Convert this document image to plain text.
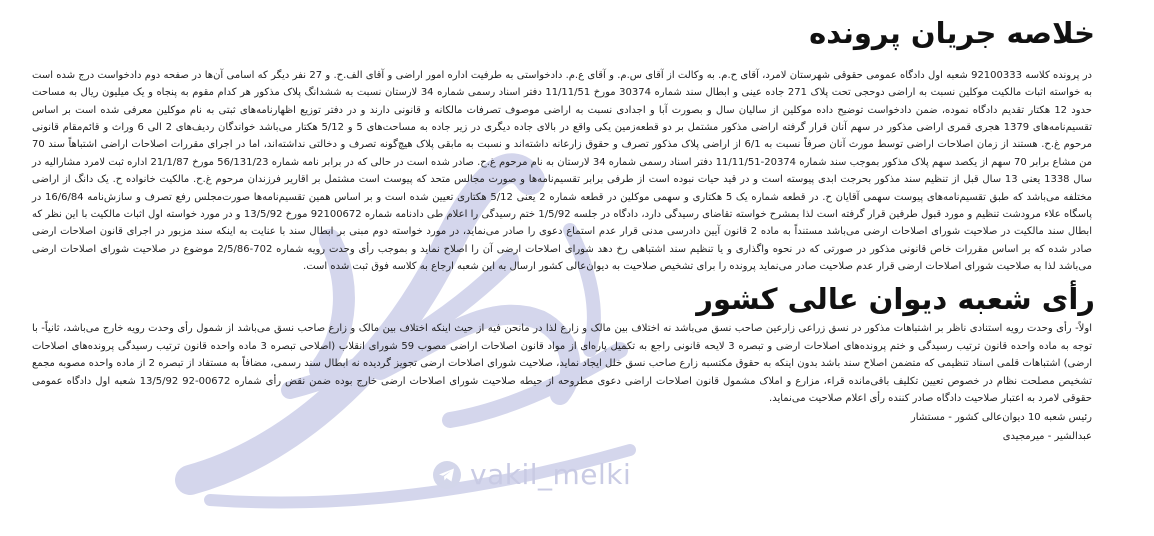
vakil_melki
خلاصه جریان پرونده

در پرونده کلاسه 92100333 شعبه اول دادگاه عمومی حقوقی شهرستان لامرد، آقای ح.م. به وکالت از آقای س.م. و آقای ع.م. دادخواستی به طرفیت اداره امور اراضی و آقای الف.ح. و 27 نفر دیگر که اسامی آن‌ها در صفحه دوم دادخواست درج شده است به خواسته اثبات مالکیت موکلین نسبت به اراضی دوحجی تحت پلاک 271 جاده عینی و ابطال سند شماره 30374 مورخ 11/11/51 دفتر اسناد رسمی شماره 34 لارستان نسبت به ششدانگ پلاک مذکور هر کدام مقوم به پنجاه و یک میلیون ریال به مساحت حدود 12 هکتار تقدیم دادگاه نموده، ضمن دادخواست توضیح داده موکلین از سالیان سال و بصورت آبا و اجدادی نسبت به اراضی موصوف تصرفات مالکانه و قانونی دارند و در دفتر توزیع اظهارنامه‌های ثبتی به نام موکلین معرفی شده است بر اساس تقسیم‌نامه‌های 1379 هجری قمری اراضی مذکور در سهم آنان قرار گرفته اراضی مذکور مشتمل بر دو قطعه‌زمین یکی واقع در بالای جاده دیگری در زیر جاده به مساحت‌های 5 و 5/12 هکتار می‌باشد خواندگان ردیف‌های 2 الی 6 وراث و قائم‌مقام قانونی مرحوم غ.ح. هستند از زمان اصلاحات اراضی توسط مورث آنان صرفاً نسبت به 6/1 از اراضی پلاک مذکور تصرف و حقوق زارعانه داشته‌اند و نسبت به مابقی پلاک هیچ‌گونه تصرف و دخالتی نداشته‌اند، اما در اجرای مقررات اصلاحات اراضی اشتباهاً سند 70 من مشاع برابر 70 سهم از یکصد سهم پلاک مذکور بموجب سند شماره 20374-11/11/51 دفتر اسناد رسمی شماره 34 لارستان به نام مرحوم غ.ح. صادر شده است در حالی که در برابر نامه شماره 56/131/23 مورخ 21/1/87 اداره ثبت لامرد مشارالیه در سال 1338 یعنی 13 سال قبل از تنظیم سند مذکور بحرجت ابدی پیوسته است و در قید حیات نبوده است از طرفی برابر تقسیم‌نامه‌ها و صورت مجالس متحد که پیوست است مشتمل بر اقاریر فرزندان مرحوم غ.ح. مالکیت خانواده ح. یک دانگ از اراضی مختلفه می‌باشد که طبق تقسیم‌نامه‌های پیوست سهمی آقایان ح. در قطعه شماره یک 5 هکتاری و سهمی موکلین در قطعه شماره 2 یعنی 5/12 هکتاری تعیین شده است و بر اساس همین تقسیم‌نامه‌ها صورت‌مجلس رفع تصرف و سازش‌نامه 16/6/84 در پاسگاه علاء مرودشت تنظیم و مورد قبول طرفین قرار گرفته است لذا بمشرح خواسته تقاضای رسیدگی دارد، دادگاه در جلسه 1/5/92 ختم رسیدگی را اعلام طی دادنامه شماره 92100672 مورخ 13/5/92 و در مورد خواسته اول اثبات مالکیت با این نظر که ابطال سند مالکیت در صلاحیت شورای اصلاحات ارضی می‌باشد مستنداً به ماده 2 قانون آیین دادرسی مدنی قرار عدم استماع دعوی را صادر می‌نماید، در مورد خواسته دوم مبنی بر ابطال سند با عنایت به اینکه سند مزبور در اجرای قانون اصلاحات ارضی صادر شده که بر اساس مقررات خاص قانونی مذکور در صورتی که در نحوه واگذاری و یا تنظیم سند اشتباهی رخ دهد شورای اصلاحات ارضی آن را اصلاح نماید و بموجب رأی وحدت رویه شماره 702-2/5/86 موضوع در صلاحیت شورای اصلاحات ارضی می‌باشد لذا به صلاحیت شورای اصلاحات ارضی قرار عدم صلاحیت صادر می‌نماید پرونده را برای تشخیص صلاحیت به دیوان‌عالی کشور ارسال به این شعبه ارجاع به کلاسه فوق ثبت شده است.

رأی شعبه دیوان عالی کشور

اولاً- رأی وحدت رویه استنادی ناظر بر اشتباهات مذکور در نسق زراعی زارعین صاحب نسق می‌باشد نه اختلاف بین مالک و زارع لذا در ما‌نحن فیه از حیث اینکه اختلاف بین مالک و زارع صاحب نسق می‌باشد از شمول رأی وحدت رویه خارج می‌باشد، ثانیاً- با توجه به ماده واحده قانون ترتیب رسیدگی و ختم پرونده‌های اصلاحات ارضی و تبصره 3 لایحه قانونی راجع به تکمیل پاره‌ای از مواد قانون اصلاحات اراضی مصوب 59 شورای انقلاب (اصلاحی تبصره 3 ماده واحده قانون ترتیب رسیدگی پرونده‌های اصلاحات ارضی) اشتباهات قلمی اسناد تنظیمی که متضمن اصلاح سند باشد بدون اینکه به حقوق مکتسبه زارع صاحب نسق خلل ایجاد نماید، صلاحیت شورای اصلاحات ارضی تجویز گردیده نه ابطال سند رسمی، مضافاً به مستفاد از تبصره 2 از ماده واحده مصوبه مجمع تشخیص مصلحت نظام در خصوص تعیین تکلیف باقی‌مانده قراء، مزارع و املاک مشمول قانون اصلاحات اراضی دعوی مطروحه از حیطه صلاحیت شورای اصلاحات ارضی خارج بوده ضمن نقض رأی شماره 00672-92 13/5/92 شعبه اول دادگاه عمومی حقوقی لامرد به اعتبار صلاحیت دادگاه صادر کننده رأی اعلام صلاحیت می‌نماید.

رئیس شعبه 10 دیوان‌عالی کشور - مستشار

عبدالشیر - میرمجیدی
